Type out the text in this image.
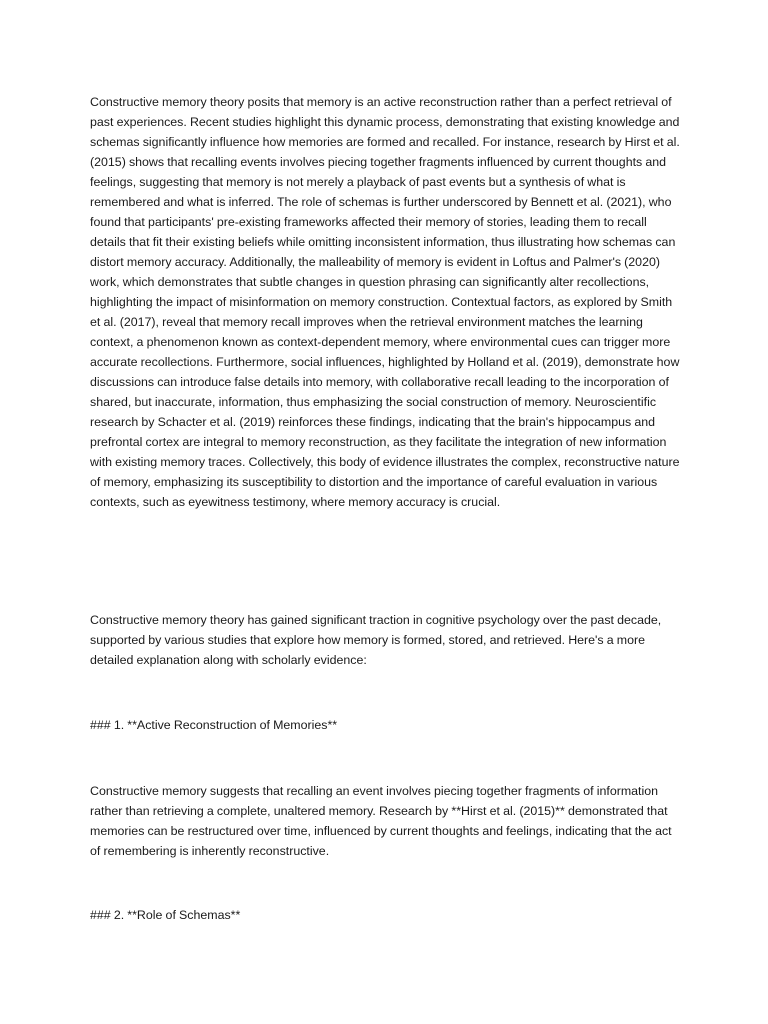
Constructive memory theory posits that memory is an active reconstruction rather than a perfect retrieval of past experiences. Recent studies highlight this dynamic process, demonstrating that existing knowledge and schemas significantly influence how memories are formed and recalled. For instance, research by Hirst et al. (2015) shows that recalling events involves piecing together fragments influenced by current thoughts and feelings, suggesting that memory is not merely a playback of past events but a synthesis of what is remembered and what is inferred. The role of schemas is further underscored by Bennett et al. (2021), who found that participants' pre-existing frameworks affected their memory of stories, leading them to recall details that fit their existing beliefs while omitting inconsistent information, thus illustrating how schemas can distort memory accuracy. Additionally, the malleability of memory is evident in Loftus and Palmer's (2020) work, which demonstrates that subtle changes in question phrasing can significantly alter recollections, highlighting the impact of misinformation on memory construction. Contextual factors, as explored by Smith et al. (2017), reveal that memory recall improves when the retrieval environment matches the learning context, a phenomenon known as context-dependent memory, where environmental cues can trigger more accurate recollections. Furthermore, social influences, highlighted by Holland et al. (2019), demonstrate how discussions can introduce false details into memory, with collaborative recall leading to the incorporation of shared, but inaccurate, information, thus emphasizing the social construction of memory. Neuroscientific research by Schacter et al. (2019) reinforces these findings, indicating that the brain's hippocampus and prefrontal cortex are integral to memory reconstruction, as they facilitate the integration of new information with existing memory traces. Collectively, this body of evidence illustrates the complex, reconstructive nature of memory, emphasizing its susceptibility to distortion and the importance of careful evaluation in various contexts, such as eyewitness testimony, where memory accuracy is crucial.

Constructive memory theory has gained significant traction in cognitive psychology over the past decade, supported by various studies that explore how memory is formed, stored, and retrieved. Here's a more detailed explanation along with scholarly evidence:

### 1. **Active Reconstruction of Memories**

Constructive memory suggests that recalling an event involves piecing together fragments of information rather than retrieving a complete, unaltered memory. Research by **Hirst et al. (2015)** demonstrated that memories can be restructured over time, influenced by current thoughts and feelings, indicating that the act of remembering is inherently reconstructive.

### 2. **Role of Schemas**
